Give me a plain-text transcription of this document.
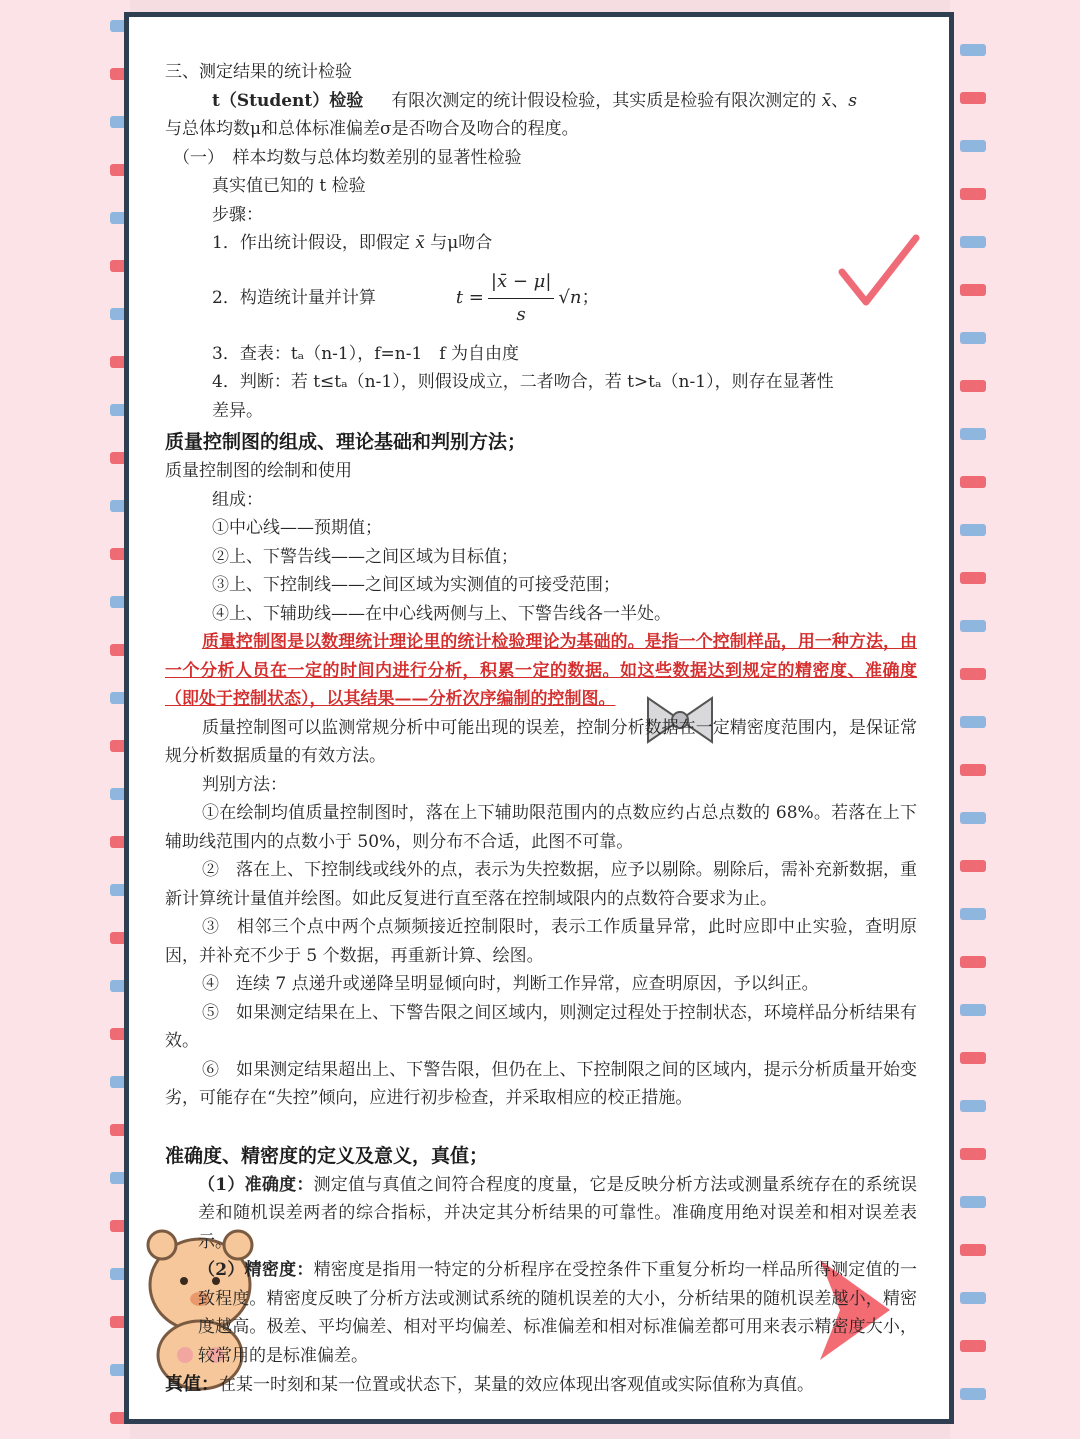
三、测定结果的统计检验
t（Student）检验 有限次测定的统计假设检验，其实质是检验有限次测定的 x̄、s
与总体均数μ和总体标准偏差σ是否吻合及吻合的程度。
（一）　样本均数与总体均数差别的显著性检验
真实值已知的 t 检验
步骤：
1．作出统计假设，即假定 x̄ 与μ吻合
2．构造统计量并计算	$t = \frac{|x̄ - \mu|}{s} √n$ ；
3．查表：tₐ（n-1），f=n-1　f 为自由度
4．判断：若 t≤tₐ（n-1），则假设成立，二者吻合，若 t>tₐ（n-1），则存在显著性
差异。
质量控制图的组成、理论基础和判别方法；
质量控制图的绘制和使用
组成：
①中心线——预期值；
②上、下警告线——之间区域为目标值；
③上、下控制线——之间区域为实测值的可接受范围；
④上、下辅助线——在中心线两侧与上、下警告线各一半处。
质量控制图是以数理统计理论里的统计检验理论为基础的。是指一个控制样品，用一种方法，由一个分析人员在一定的时间内进行分析，积累一定的数据。如这些数据达到规定的精密度、准确度（即处于控制状态），以其结果——分析次序编制的控制图。
质量控制图可以监测常规分析中可能出现的误差，控制分析数据在一定精密度范围内，是保证常规分析数据质量的有效方法。
判别方法：
①在绘制均值质量控制图时，落在上下辅助限范围内的点数应约占总点数的 68%。若落在上下辅助线范围内的点数小于 50%，则分布不合适，此图不可靠。
②　落在上、下控制线或线外的点，表示为失控数据，应予以剔除。剔除后，需补充新数据，重新计算统计量值并绘图。如此反复进行直至落在控制域限内的点数符合要求为止。
③　相邻三个点中两个点频频接近控制限时，表示工作质量异常，此时应即中止实验，查明原因，并补充不少于 5 个数据，再重新计算、绘图。
④　连续 7 点递升或递降呈明显倾向时，判断工作异常，应查明原因，予以纠正。
⑤　如果测定结果在上、下警告限之间区域内，则测定过程处于控制状态，环境样品分析结果有效。
⑥　如果测定结果超出上、下警告限，但仍在上、下控制限之间的区域内，提示分析质量开始变劣，可能存在“失控”倾向，应进行初步检查，并采取相应的校正措施。
准确度、精密度的定义及意义，真值；
（1）准确度：测定值与真值之间符合程度的度量，它是反映分析方法或测量系统存在的系统误差和随机误差两者的综合指标，并决定其分析结果的可靠性。准确度用绝对误差和相对误差表示。
（2）精密度：精密度是指用一特定的分析程序在受控条件下重复分析均一样品所得测定值的一致程度。精密度反映了分析方法或测试系统的随机误差的大小，分析结果的随机误差越小，精密度越高。极差、平均偏差、相对平均偏差、标准偏差和相对标准偏差都可用来表示精密度大小，较常用的是标准偏差。
真值：在某一时刻和某一位置或状态下，某量的效应体现出客观值或实际值称为真值。
